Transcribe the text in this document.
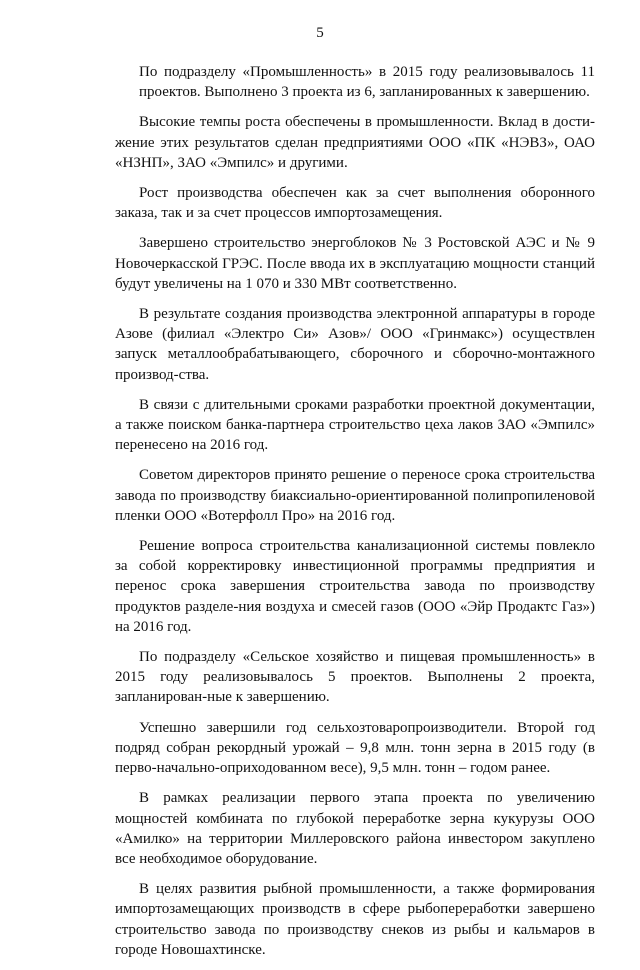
5

По подразделу «Промышленность» в 2015 году реализовывалось 11 проектов. Выполнено 3 проекта из 6, запланированных к завершению.

Высокие темпы роста обеспечены в промышленности. Вклад в дости-жение этих результатов сделан предприятиями ООО «ПК «НЭВЗ», ОАО «НЗНП», ЗАО «Эмпилс» и другими.

Рост производства обеспечен как за счет выполнения оборонного заказа, так и за счет процессов импортозамещения.

Завершено строительство энергоблоков № 3 Ростовской АЭС и № 9 Новочеркасской ГРЭС. После ввода их в эксплуатацию мощности станций будут увеличены на 1 070 и 330 МВт соответственно.

В результате создания производства электронной аппаратуры в городе Азове (филиал «Электро Си» Азов»/ ООО «Гринмакс») осуществлен запуск металлообрабатывающего, сборочного и сборочно-монтажного производ-ства.

В связи с длительными сроками разработки проектной документации, а также поиском банка-партнера строительство цеха лаков ЗАО «Эмпилс» перенесено на 2016 год.

Советом директоров принято решение о переносе срока строительства завода по производству биаксиально-ориентированной полипропиленовой пленки ООО «Вотерфолл Про» на 2016 год.

Решение вопроса строительства канализационной системы повлекло за собой корректировку инвестиционной программы предприятия и перенос срока завершения строительства завода по производству продуктов разделе-ния воздуха и смесей газов (ООО «Эйр Продактс Газ») на 2016 год.

По подразделу «Сельское хозяйство и пищевая промышленность» в 2015 году реализовывалось 5 проектов. Выполнены 2 проекта, запланирован-ные к завершению.

Успешно завершили год сельхозтоваропроизводители. Второй год подряд собран рекордный урожай – 9,8 млн. тонн зерна в 2015 году (в перво-начально-оприходованном весе), 9,5 млн. тонн – годом ранее.

В рамках реализации первого этапа проекта по увеличению мощностей комбината по глубокой переработке зерна кукурузы ООО «Амилко» на территории Миллеровского района инвестором закуплено все необходимое оборудование.

В целях развития рыбной промышленности, а также формирования импортозамещающих производств в сфере рыбопереработки завершено строительство завода по производству снеков из рыбы и кальмаров в городе Новошахтинске.
